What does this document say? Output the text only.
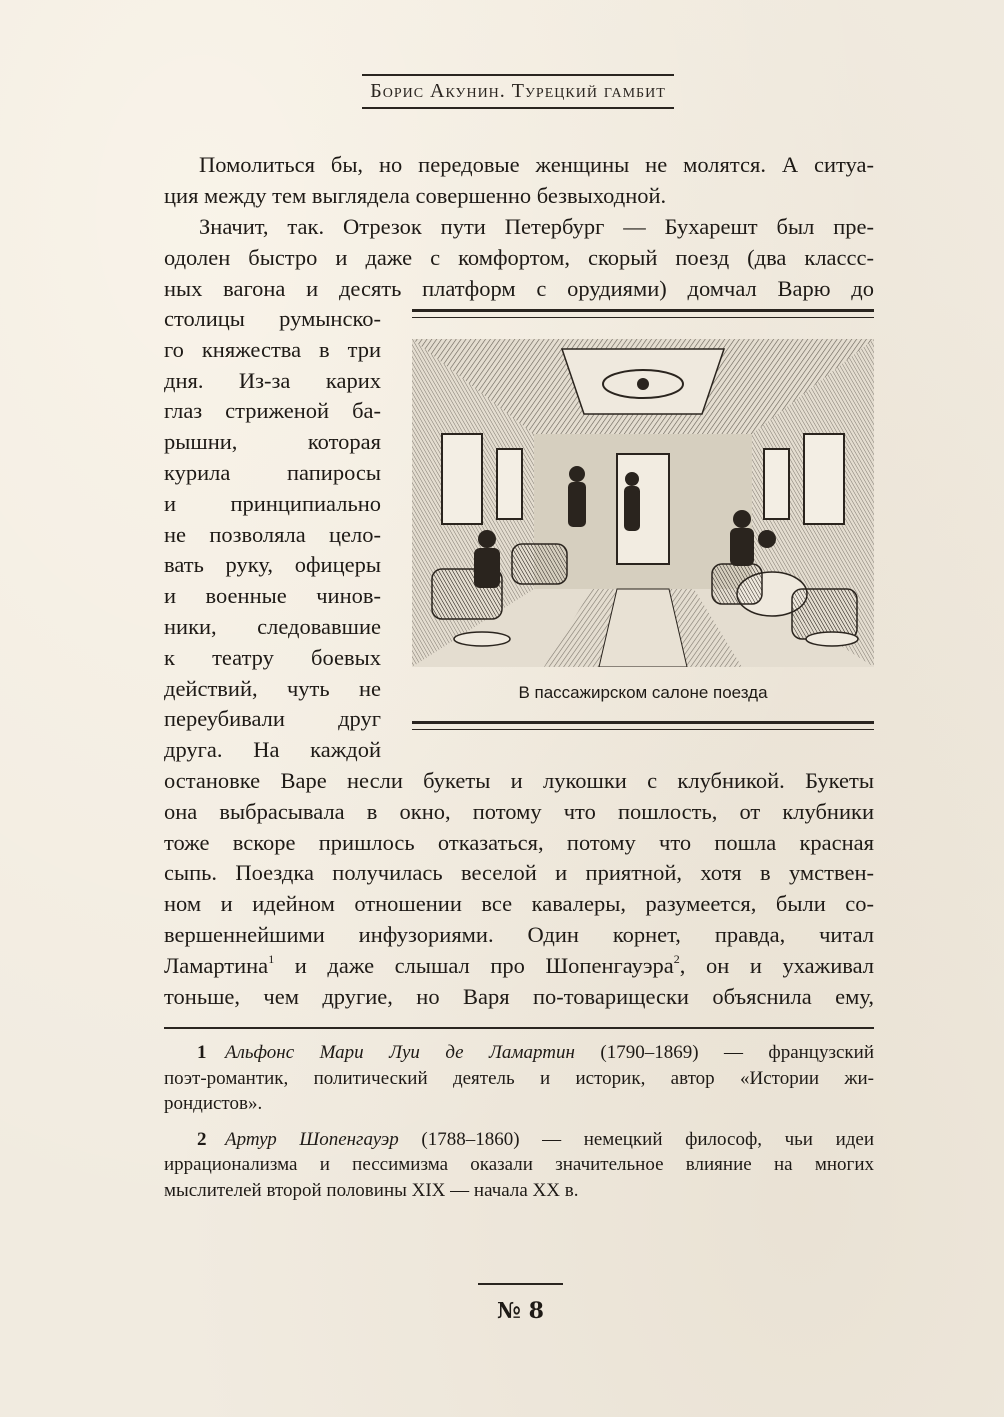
Борис Акунин. Турецкий гамбит
Помолиться бы, но передовые женщины не молятся. А ситуа-
ция между тем выглядела совершенно безвыходной.
Значит, так. Отрезок пути Петербург — Бухарешт был пре-
одолен быстро и даже с комфортом, скорый поезд (два классс-
ных вагона и десять платформ с орудиями) домчал Варю до
столицы румынско-
го княжества в три
дня. Из-за карих
глаз стриженой ба-
рышни, которая
курила папиросы
и принципиально
не позволяла цело-
вать руку, офицеры
и военные чинов-
ники, следовавшие
к театру боевых
действий, чуть не
переубивали друг
друга. На каждой
В пассажирском салоне поезда
остановке Варе несли букеты и лукошки с клубникой. Букеты
она выбрасывала в окно, потому что пошлость, от клубники
тоже вскоре пришлось отказаться, потому что пошла красная
сыпь. Поездка получилась веселой и приятной, хотя в умствен-
ном и идейном отношении все кавалеры, разумеется, были со-
вершеннейшими инфузориями. Один корнет, правда, читал
Ламартина$^1$ и даже слышал про Шопенгауэра$^2$, он и ухаживал
тоньше, чем другие, но Варя по-товарищески объяснила ему,
1 Альфонс Мари Луи де Ламартин (1790–1869) — французский
поэт-романтик, политический деятель и историк, автор «Истории жи-
рондистов».
2 Артур Шопенгауэр (1788–1860) — немецкий философ, чьи идеи
иррационализма и пессимизма оказали значительное влияние на многих
мыслителей второй половины XIX — начала XX в.
№ 8
